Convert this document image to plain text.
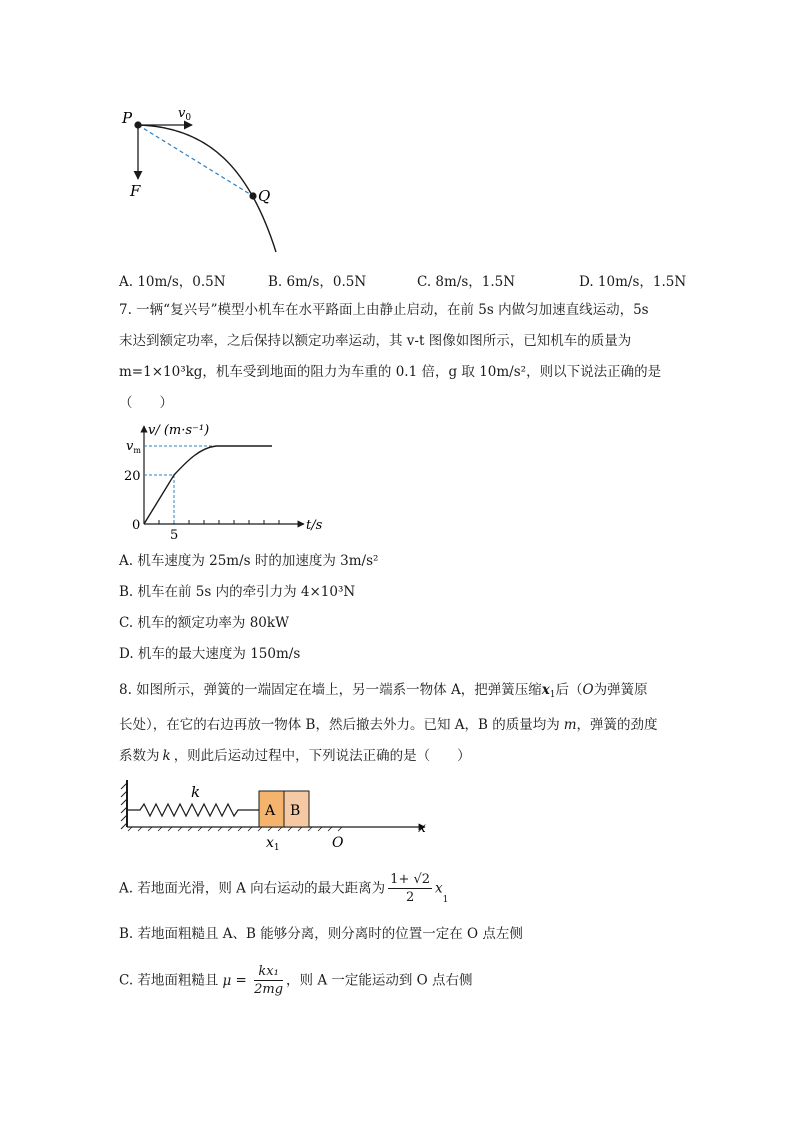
P
Q
F
$v_0$
A. 10m/s，0.5N	B. 6m/s，0.5N	C. 8m/s，1.5N	D. 10m/s，1.5N
7. 一辆“复兴号”模型小机车在水平路面上由静止启动，在前 5s 内做匀加速直线运动，5s
末达到额定功率，之后保持以额定功率运动，其 v-t 图像如图所示，已知机车的质量为
m=1×10³kg，机车受到地面的阻力为车重的 0.1 倍，g 取 10m/s²，则以下说法正确的是
（　　）
v/ (m·s⁻¹)
$v_m$
20
0
5
t/s
A. 机车速度为 25m/s 时的加速度为 3m/s²
B. 机车在前 5s 内的牵引力为 4×10³N
C. 机车的额定功率为 80kW
D. 机车的最大速度为 150m/s
8. 如图所示，弹簧的一端固定在墙上，另一端系一物体 A，把弹簧压缩$x_1$后（O为弹簧原
长处），在它的右边再放一物体 B，然后撤去外力。已知 A，B 的质量均为 m，弹簧的劲度
系数为 k ，则此后运动过程中，下列说法正确的是（　　）
A B
k
$x_1$	O
x
A. 若地面光滑，则 A 向右运动的最大距离为 $\frac{1+ √2}{2} x_1$
B. 若地面粗糙且 A、B 能够分离，则分离时的位置一定在 O 点左侧
C. 若地面粗糙且 $\mu = \frac{\text{kx₁}}{2mg}$ ，则 A 一定能运动到 O 点右侧
